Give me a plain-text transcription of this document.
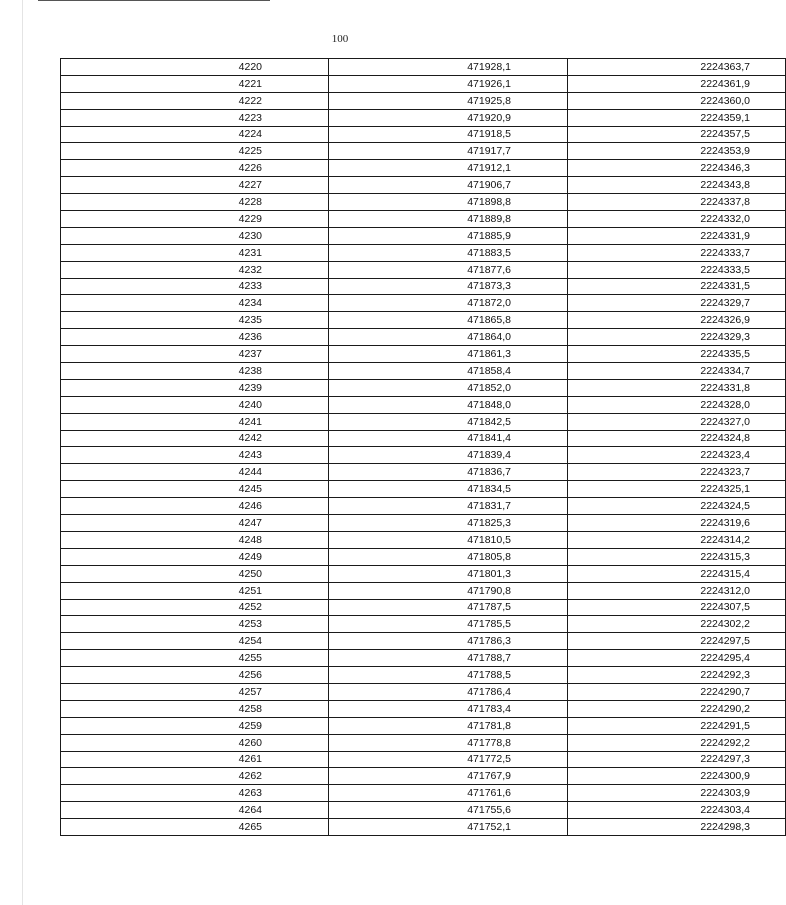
100
4220	471928,1	2224363,7
4221	471926,1	2224361,9
4222	471925,8	2224360,0
4223	471920,9	2224359,1
4224	471918,5	2224357,5
4225	471917,7	2224353,9
4226	471912,1	2224346,3
4227	471906,7	2224343,8
4228	471898,8	2224337,8
4229	471889,8	2224332,0
4230	471885,9	2224331,9
4231	471883,5	2224333,7
4232	471877,6	2224333,5
4233	471873,3	2224331,5
4234	471872,0	2224329,7
4235	471865,8	2224326,9
4236	471864,0	2224329,3
4237	471861,3	2224335,5
4238	471858,4	2224334,7
4239	471852,0	2224331,8
4240	471848,0	2224328,0
4241	471842,5	2224327,0
4242	471841,4	2224324,8
4243	471839,4	2224323,4
4244	471836,7	2224323,7
4245	471834,5	2224325,1
4246	471831,7	2224324,5
4247	471825,3	2224319,6
4248	471810,5	2224314,2
4249	471805,8	2224315,3
4250	471801,3	2224315,4
4251	471790,8	2224312,0
4252	471787,5	2224307,5
4253	471785,5	2224302,2
4254	471786,3	2224297,5
4255	471788,7	2224295,4
4256	471788,5	2224292,3
4257	471786,4	2224290,7
4258	471783,4	2224290,2
4259	471781,8	2224291,5
4260	471778,8	2224292,2
4261	471772,5	2224297,3
4262	471767,9	2224300,9
4263	471761,6	2224303,9
4264	471755,6	2224303,4
4265	471752,1	2224298,3
